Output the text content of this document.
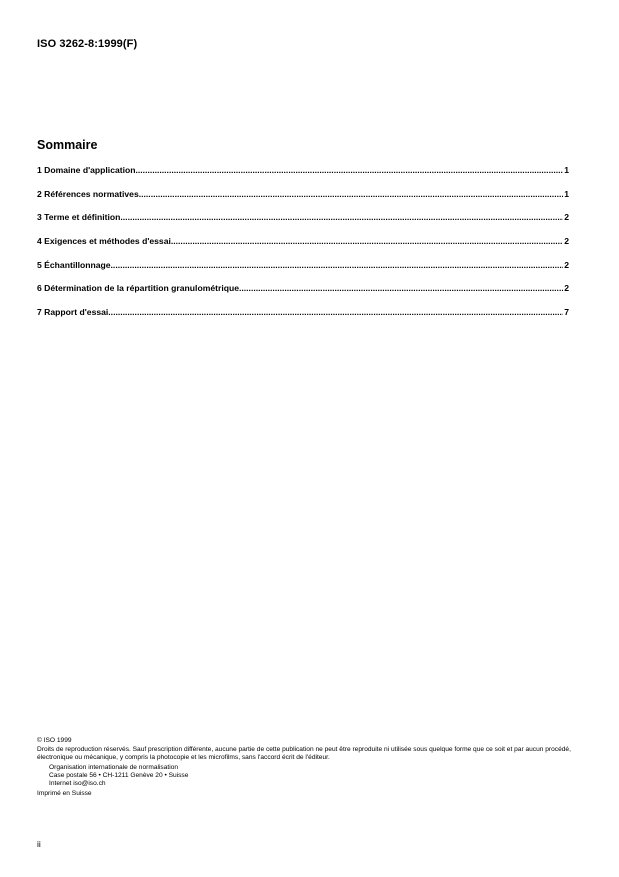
ISO 3262-8:1999(F)
Sommaire
1 Domaine d'application .....	1
2 Références normatives .....	1
3 Terme et définition .....	2
4 Exigences et méthodes d'essai .....	2
5 Échantillonnage .....	2
6 Détermination de la répartition granulométrique .....	2
7 Rapport d'essai .....	7
© ISO 1999
Droits de reproduction réservés. Sauf prescription différente, aucune partie de cette publication ne peut être reproduite ni utilisée sous quelque forme que ce soit et par aucun procédé, électronique ou mécanique, y compris la photocopie et les microfilms, sans l'accord écrit de l'éditeur.
Organisation internationale de normalisation
Case postale 56 • CH-1211 Genève 20 • Suisse
Internet iso@iso.ch
Imprimé en Suisse
ii
